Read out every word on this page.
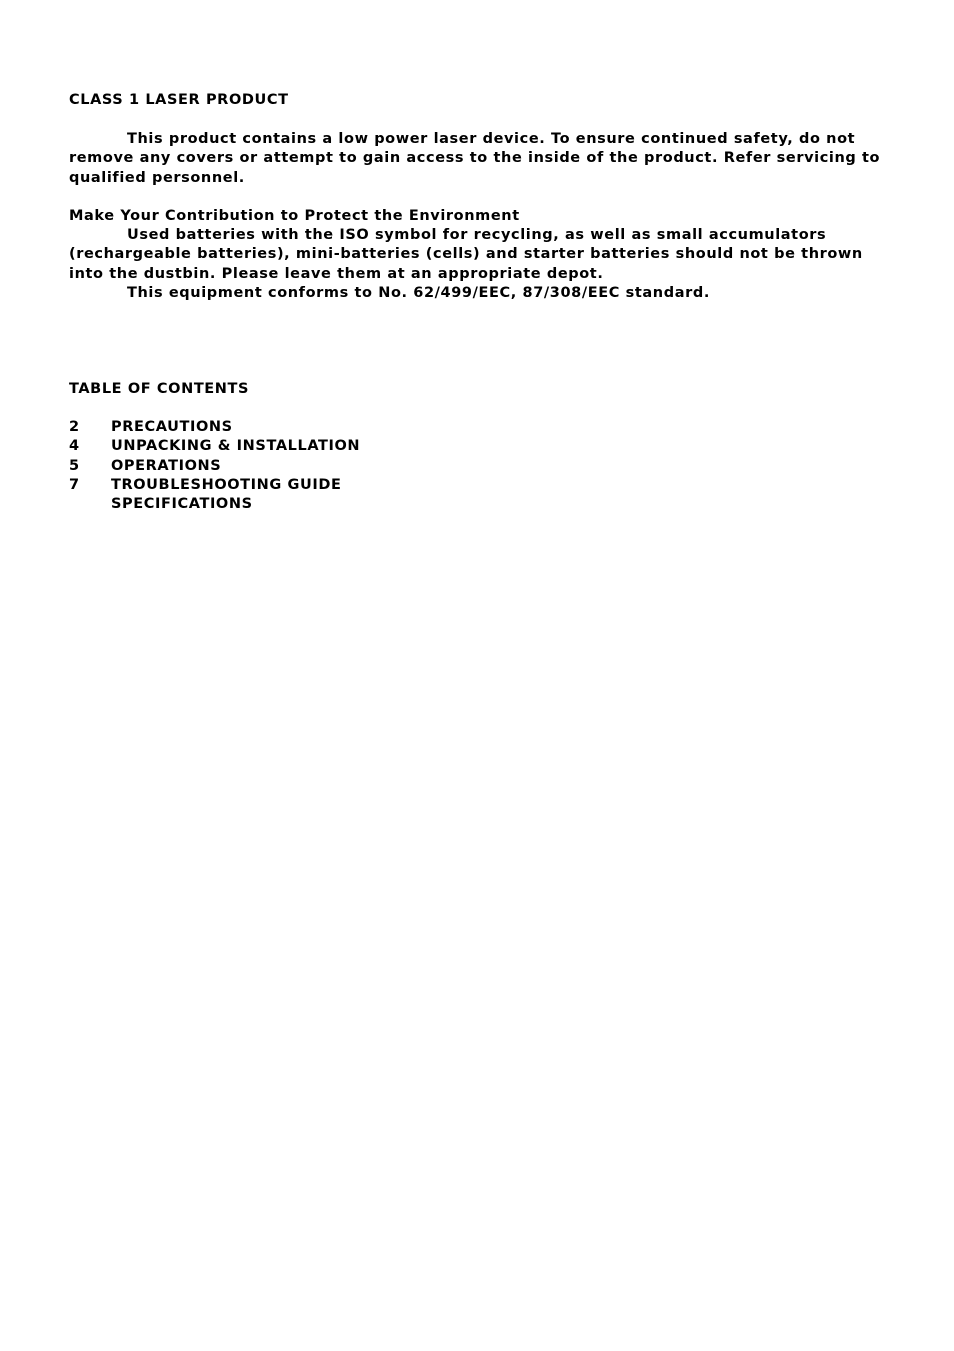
CLASS 1 LASER PRODUCT

This product contains a low power laser device. To ensure continued safety, do not remove any covers or attempt to gain access to the inside of the product. Refer servicing to qualified personnel.

Make Your Contribution to Protect the Environment

Used batteries with the ISO symbol for recycling, as well as small accumulators (rechargeable batteries), mini-batteries (cells) and starter batteries should not be thrown into the dustbin. Please leave them at an appropriate depot.

This equipment conforms to No. 62/499/EEC, 87/308/EEC standard.

TABLE OF CONTENTS
2	PRECAUTIONS
4	UNPACKING & INSTALLATION
5	OPERATIONS
7	TROUBLESHOOTING GUIDE
SPECIFICATIONS
